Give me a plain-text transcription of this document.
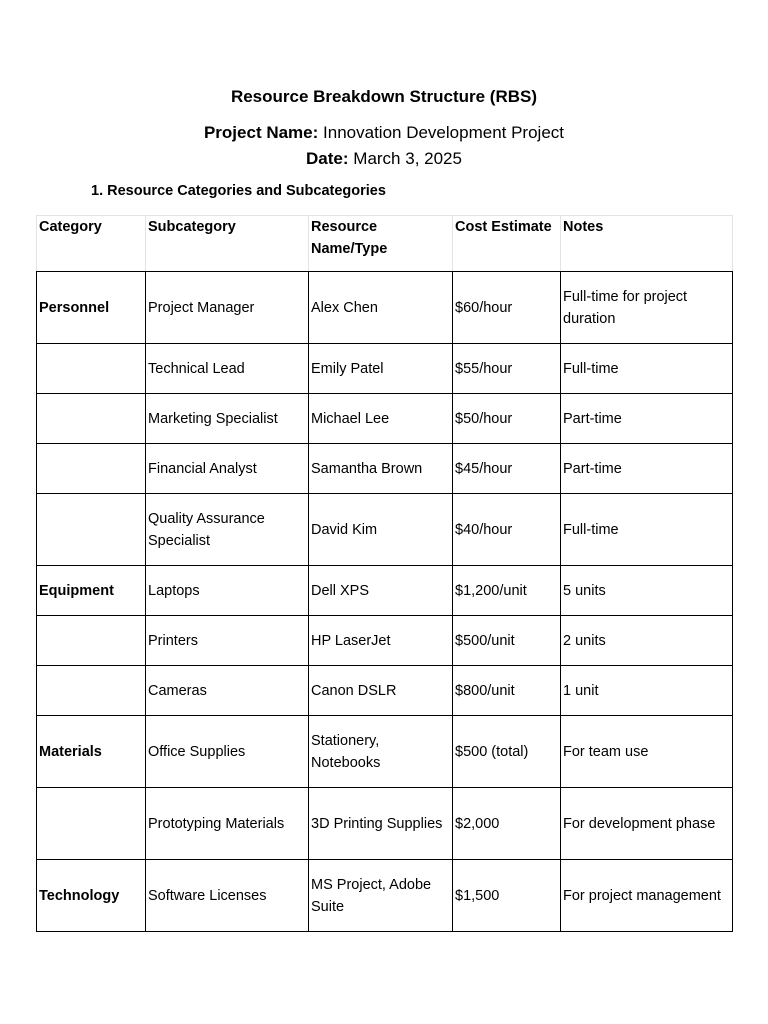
Resource Breakdown Structure (RBS)
Project Name: Innovation Development Project
Date: March 3, 2025
1. Resource Categories and Subcategories
Category	Subcategory	Resource Name/Type	Cost Estimate	Notes
Personnel	Project Manager	Alex Chen	$60/hour	Full-time for project duration
	Technical Lead	Emily Patel	$55/hour	Full-time
	Marketing Specialist	Michael Lee	$50/hour	Part-time
	Financial Analyst	Samantha Brown	$45/hour	Part-time
	Quality Assurance Specialist	David Kim	$40/hour	Full-time
Equipment	Laptops	Dell XPS	$1,200/unit	5 units
	Printers	HP LaserJet	$500/unit	2 units
	Cameras	Canon DSLR	$800/unit	1 unit
Materials	Office Supplies	Stationery, Notebooks	$500 (total)	For team use
	Prototyping Materials	3D Printing Supplies	$2,000	For development phase
Technology	Software Licenses	MS Project, Adobe Suite	$1,500	For project management
